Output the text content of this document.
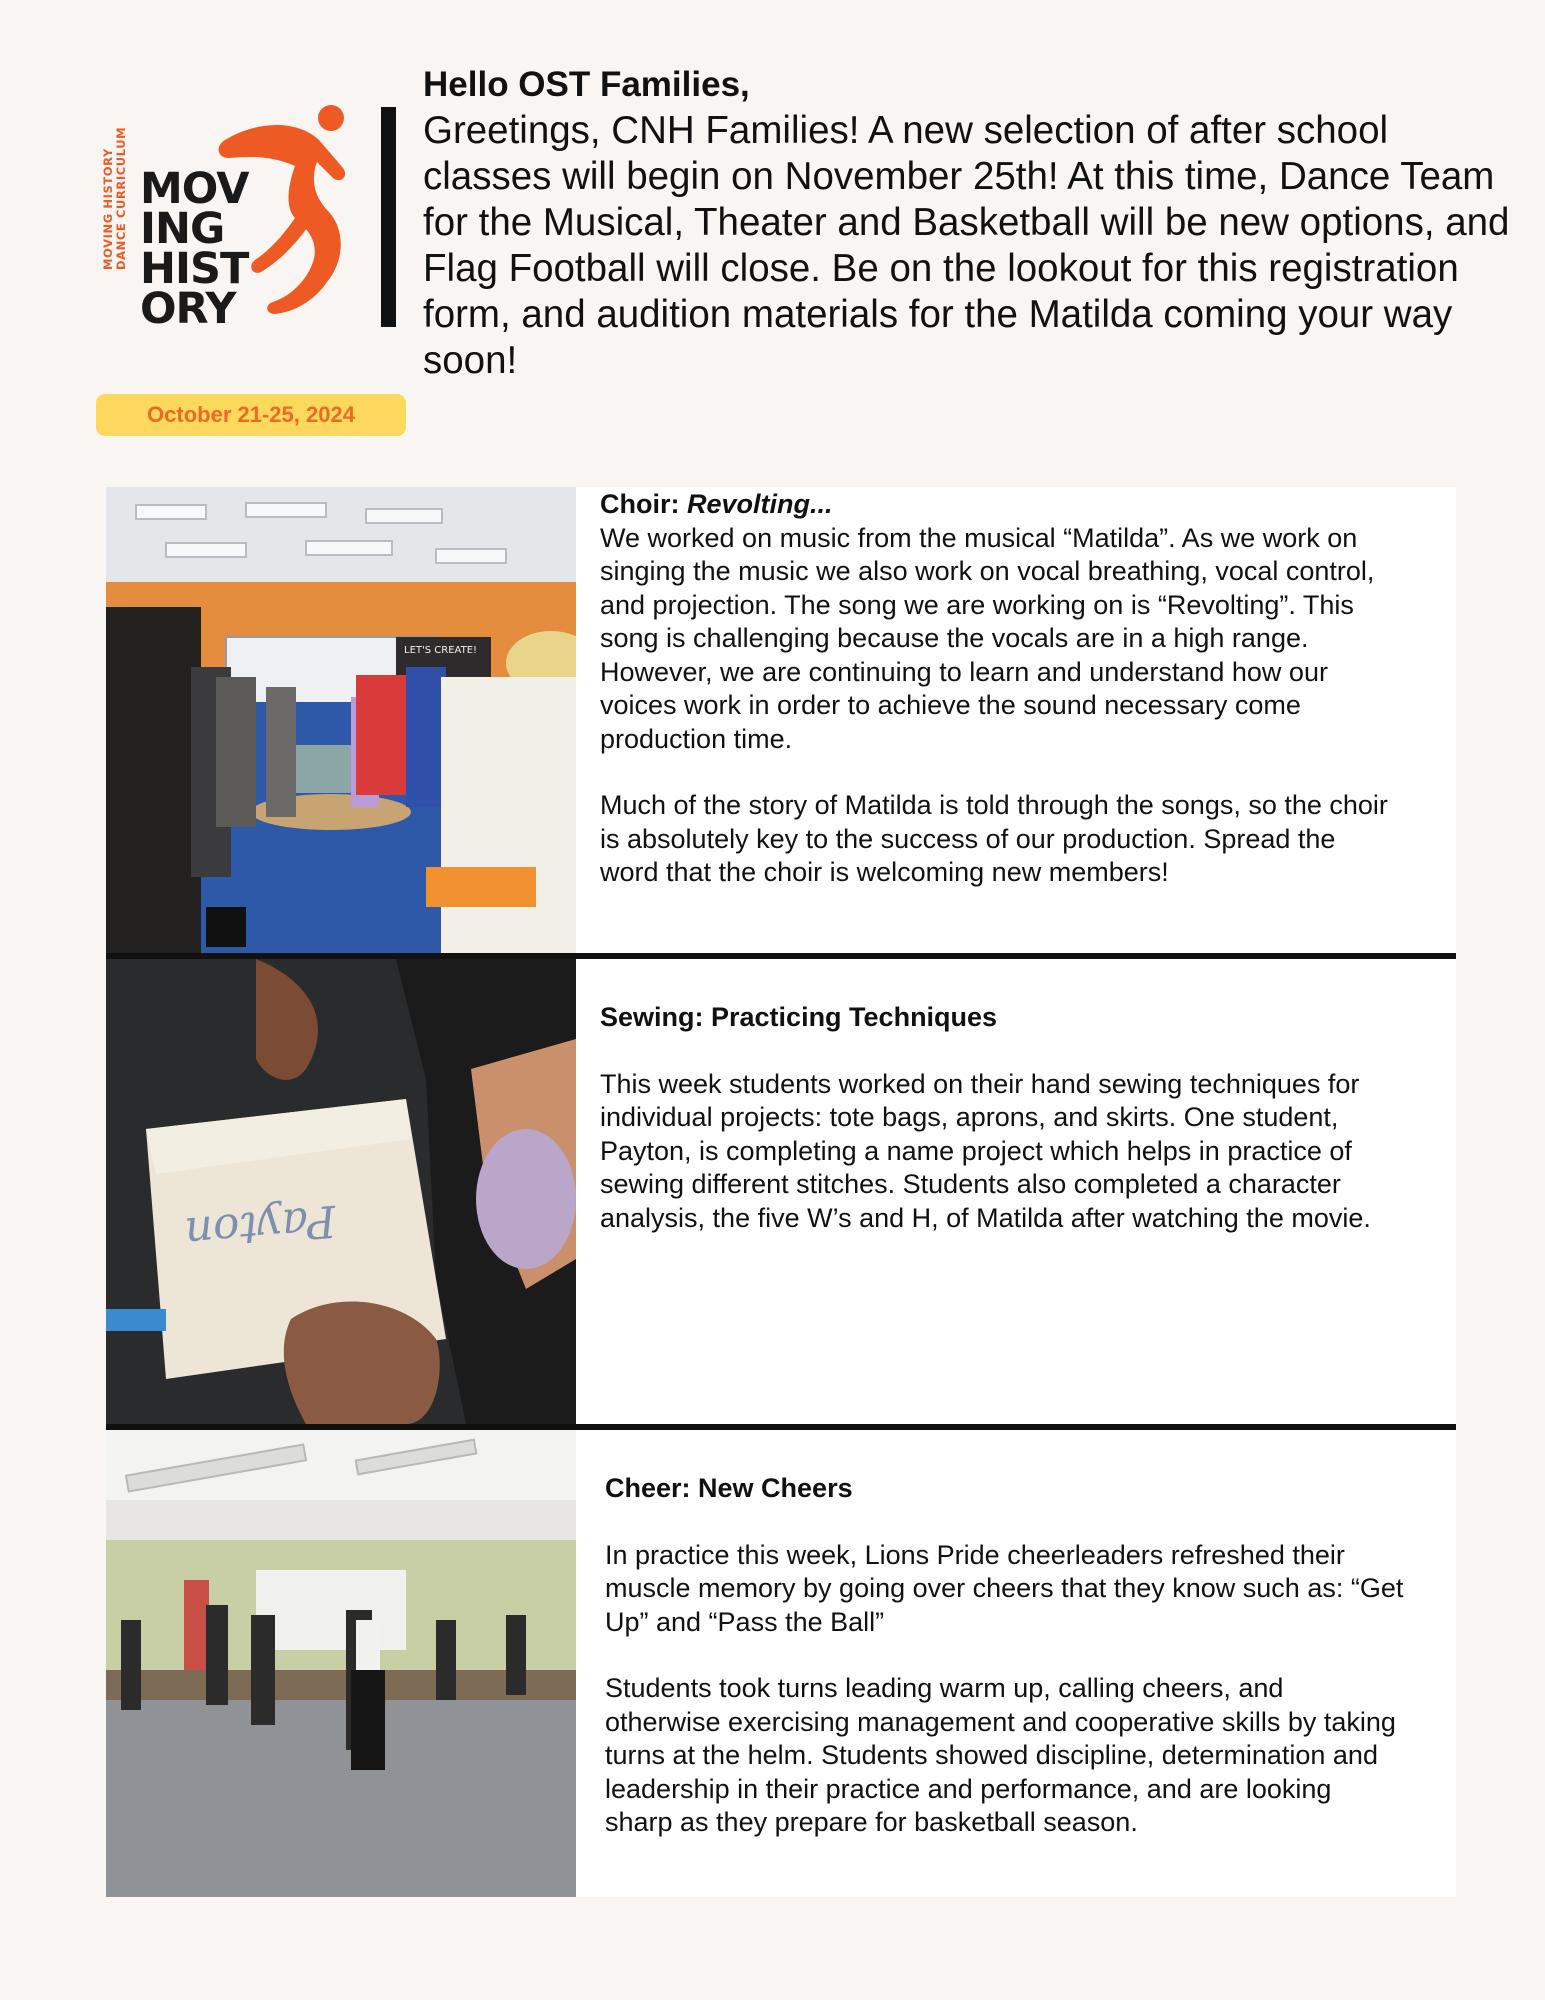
MOVING HISTORY DANCE CURRICULUM MOV
ING
HIST
ORY
October 21-25, 2024
Hello OST Families,

Greetings, CNH Families! A new selection of after school classes will begin on November 25th! At this time, Dance Team for the Musical, Theater and Basketball will be new options, and Flag Football will close. Be on the lookout for this registration form, and audition materials for the Matilda coming your way soon!

LET'S CREATE!
Choir: Revolting...

We worked on music from the musical “Matilda”. As we work on singing the music we also work on vocal breathing, vocal control, and projection. The song we are working on is “Revolting”. This song is challenging because the vocals are in a high range. However, we are continuing to learn and understand how our voices work in order to achieve the sound necessary come production time.

Much of the story of Matilda is told through the songs, so the choir is absolutely key to the success of our production. Spread the word that the choir is welcoming new members!

Payton
Sewing: Practicing Techniques

This week students worked on their hand sewing techniques for individual projects: tote bags, aprons, and skirts. One student, Payton, is completing a name project which helps in practice of sewing different stitches. Students also completed a character analysis, the five W’s and H, of Matilda after watching the movie.

Cheer: New Cheers

In practice this week, Lions Pride cheerleaders refreshed their muscle memory by going over cheers that they know such as: “Get Up” and “Pass the Ball”

Students took turns leading warm up, calling cheers, and otherwise exercising management and cooperative skills by taking turns at the helm. Students showed discipline, determination and leadership in their practice and performance, and are looking sharp as they prepare for basketball season.
